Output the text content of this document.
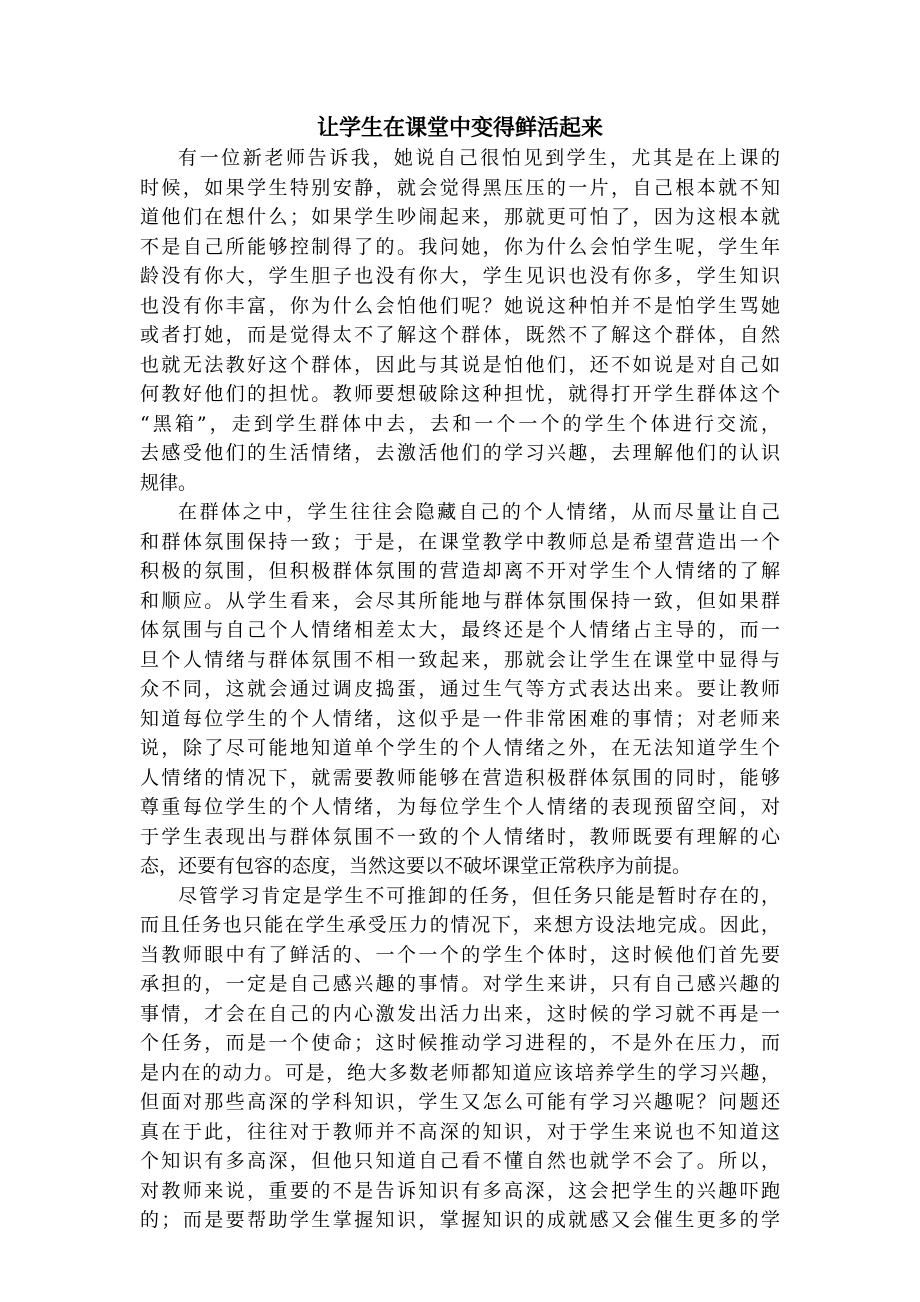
让学生在课堂中变得鲜活起来
有一位新老师告诉我，她说自己很怕见到学生，尤其是在上课的
时候，如果学生特别安静，就会觉得黑压压的一片，自己根本就不知
道他们在想什么；如果学生吵闹起来，那就更可怕了，因为这根本就
不是自己所能够控制得了的。我问她，你为什么会怕学生呢，学生年
龄没有你大，学生胆子也没有你大，学生见识也没有你多，学生知识
也没有你丰富，你为什么会怕他们呢？她说这种怕并不是怕学生骂她
或者打她，而是觉得太不了解这个群体，既然不了解这个群体，自然
也就无法教好这个群体，因此与其说是怕他们，还不如说是对自己如
何教好他们的担忧。教师要想破除这种担忧，就得打开学生群体这个
“黑箱”，走到学生群体中去，去和一个一个的学生个体进行交流，
去感受他们的生活情绪，去激活他们的学习兴趣，去理解他们的认识
规律。
在群体之中，学生往往会隐藏自己的个人情绪，从而尽量让自己
和群体氛围保持一致；于是，在课堂教学中教师总是希望营造出一个
积极的氛围，但积极群体氛围的营造却离不开对学生个人情绪的了解
和顺应。从学生看来，会尽其所能地与群体氛围保持一致，但如果群
体氛围与自己个人情绪相差太大，最终还是个人情绪占主导的，而一
旦个人情绪与群体氛围不相一致起来，那就会让学生在课堂中显得与
众不同，这就会通过调皮捣蛋，通过生气等方式表达出来。要让教师
知道每位学生的个人情绪，这似乎是一件非常困难的事情；对老师来
说，除了尽可能地知道单个学生的个人情绪之外，在无法知道学生个
人情绪的情况下，就需要教师能够在营造积极群体氛围的同时，能够
尊重每位学生的个人情绪，为每位学生个人情绪的表现预留空间，对
于学生表现出与群体氛围不一致的个人情绪时，教师既要有理解的心
态，还要有包容的态度，当然这要以不破坏课堂正常秩序为前提。
尽管学习肯定是学生不可推卸的任务，但任务只能是暂时存在的，
而且任务也只能在学生承受压力的情况下，来想方设法地完成。因此，
当教师眼中有了鲜活的、一个一个的学生个体时，这时候他们首先要
承担的，一定是自己感兴趣的事情。对学生来讲，只有自己感兴趣的
事情，才会在自己的内心激发出活力出来，这时候的学习就不再是一
个任务，而是一个使命；这时候推动学习进程的，不是外在压力，而
是内在的动力。可是，绝大多数老师都知道应该培养学生的学习兴趣，
但面对那些高深的学科知识，学生又怎么可能有学习兴趣呢？问题还
真在于此，往往对于教师并不高深的知识，对于学生来说也不知道这
个知识有多高深，但他只知道自己看不懂自然也就学不会了。所以，
对教师来说，重要的不是告诉知识有多高深，这会把学生的兴趣吓跑
的；而是要帮助学生掌握知识，掌握知识的成就感又会催生更多的学
